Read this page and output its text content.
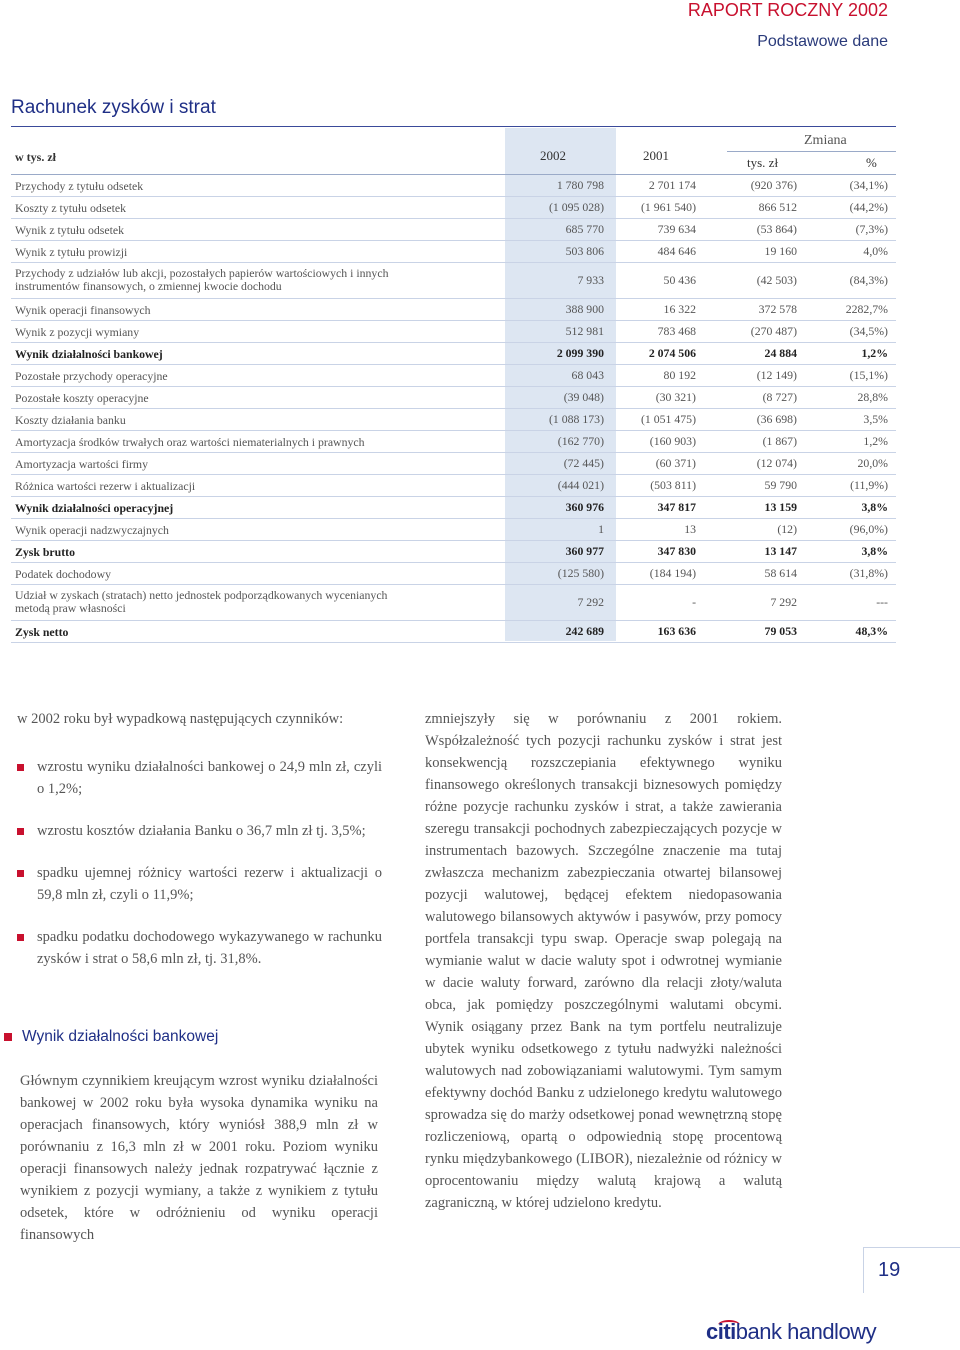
RAPORT ROCZNY 2002
Podstawowe dane
Rachunek zysków i strat
Zmiana
w tys. zł	2002	2001	tys. zł	%
Przychody z tytułu odsetek	1 780 798	2 701 174	(920 376)	(34,1%)
Koszty z tytułu odsetek	(1 095 028)	(1 961 540)	866 512	(44,2%)
Wynik z tytułu odsetek	685 770	739 634	(53 864)	(7,3%)
Wynik z tytułu prowizji	503 806	484 646	19 160	4,0%
Przychody z udziałów lub akcji, pozostałych papierów wartościowych i innych instrumentów finansowych, o zmiennej kwocie dochodu	7 933	50 436	(42 503)	(84,3%)
Wynik operacji finansowych	388 900	16 322	372 578	2282,7%
Wynik z pozycji wymiany	512 981	783 468	(270 487)	(34,5%)
Wynik działalności bankowej	2 099 390	2 074 506	24 884	1,2%
Pozostałe przychody operacyjne	68 043	80 192	(12 149)	(15,1%)
Pozostałe koszty operacyjne	(39 048)	(30 321)	(8 727)	28,8%
Koszty działania banku	(1 088 173)	(1 051 475)	(36 698)	3,5%
Amortyzacja środków trwałych oraz wartości niematerialnych i prawnych	(162 770)	(160 903)	(1 867)	1,2%
Amortyzacja wartości firmy	(72 445)	(60 371)	(12 074)	20,0%
Różnica wartości rezerw i aktualizacji	(444 021)	(503 811)	59 790	(11,9%)
Wynik działalności operacyjnej	360 976	347 817	13 159	3,8%
Wynik operacji nadzwyczajnych	1	13	(12)	(96,0%)
Zysk brutto	360 977	347 830	13 147	3,8%
Podatek dochodowy	(125 580)	(184 194)	58 614	(31,8%)
Udział w zyskach (stratach) netto jednostek podporządkowanych wycenianych metodą praw własności	7 292	-	7 292	---
Zysk netto	242 689	163 636	79 053	48,3%
w 2002 roku był wypadkową następujących czynników:
wzrostu wyniku działalności bankowej o 24,9 mln zł, czyli o 1,2%;
wzrostu kosztów działania Banku o 36,7 mln zł tj. 3,5%;
spadku ujemnej różnicy wartości rezerw i aktualizacji o 59,8 mln zł, czyli o 11,9%;
spadku podatku dochodowego wykazywanego w rachunku zysków i strat o 58,6 mln zł, tj. 31,8%.
Wynik działalności bankowej
Głównym czynnikiem kreującym wzrost wyniku działalności bankowej w 2002 roku była wysoka dynamika wyniku na operacjach finansowych, który wyniósł 388,9 mln zł w porównaniu z 16,3 mln zł w 2001 roku. Poziom wyniku operacji finansowych należy jednak rozpatrywać łącznie z wynikiem z pozycji wymiany, a także z wynikiem z tytułu odsetek, które w odróżnieniu od wyniku operacji finansowych
zmniejszyły się w porównaniu z 2001 rokiem. Współzależność tych pozycji rachunku zysków i strat jest konsekwencją rozszczepiania efektywnego wyniku finansowego określonych transakcji biznesowych pomiędzy różne pozycje rachunku zysków i strat, a także zawierania szeregu transakcji pochodnych zabezpieczających pozycje w instrumentach bazowych. Szczególne znaczenie ma tutaj zwłaszcza mechanizm zabezpieczania otwartej bilansowej pozycji walutowej, będącej efektem niedopasowania walutowego bilansowych aktywów i pasywów, przy pomocy portfela transakcji typu swap. Operacje swap polegają na wymianie walut w dacie waluty spot i odwrotnej wymianie w dacie waluty forward, zarówno dla relacji złoty/waluta obca, jak pomiędzy poszczególnymi walutami obcymi. Wynik osiągany przez Bank na tym portfelu neutralizuje ubytek wyniku odsetkowego z tytułu nadwyżki należności walutowych nad zobowiązaniami walutowymi. Tym samym efektywny dochód Banku z udzielonego kredytu walutowego sprowadza się do marży odsetkowej ponad wewnętrzną stopę rozliczeniową, opartą o odpowiednią stopę procentową rynku międzybankowego (LIBOR), niezależnie od różnicy w oprocentowaniu między walutą krajową a walutą zagraniczną, w której udzielono kredytu.
19
citibank handlowy
